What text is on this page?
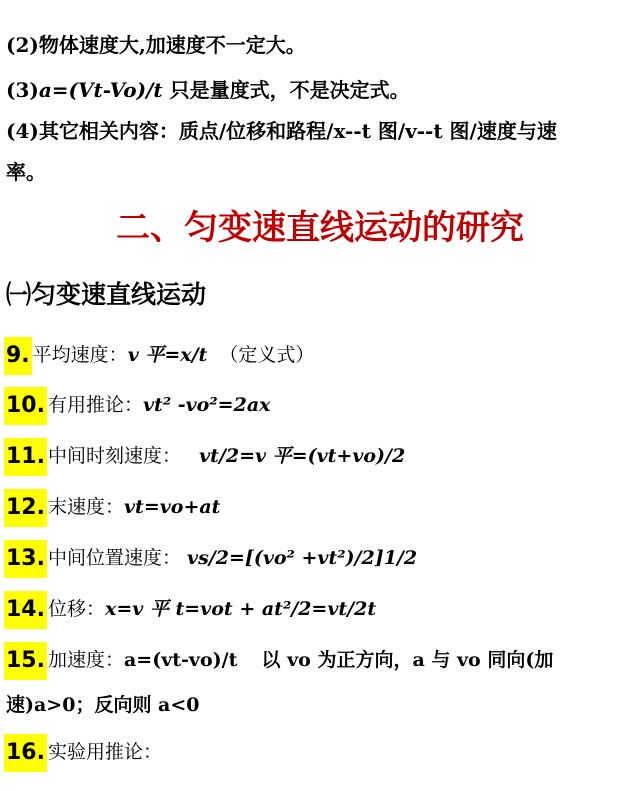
(2)物体速度大,加速度不一定大。
(3)a=(Vt-Vo)/t 只是量度式，不是决定式。
(4)其它相关内容：质点/位移和路程/x--t 图/v--t 图/速度与速
率。
二、匀变速直线运动的研究
㈠匀变速直线运动
9. 平均速度：v 平=x/t （定义式）
10. 有用推论：vt² -vo²=2ax
11. 中间时刻速度： vt/2=v 平=(vt+vo)/2
12. 末速度：vt=vo+at
13. 中间位置速度： vs/2=[(vo² +vt²)/2]1/2
14. 位移：x=v 平 t=vot + at²/2=vt/2t
15. 加速度：a=(vt-vo)/t 以 vo 为正方向，a 与 vo 同向(加
速)a>0；反向则 a<0
16. 实验用推论：
